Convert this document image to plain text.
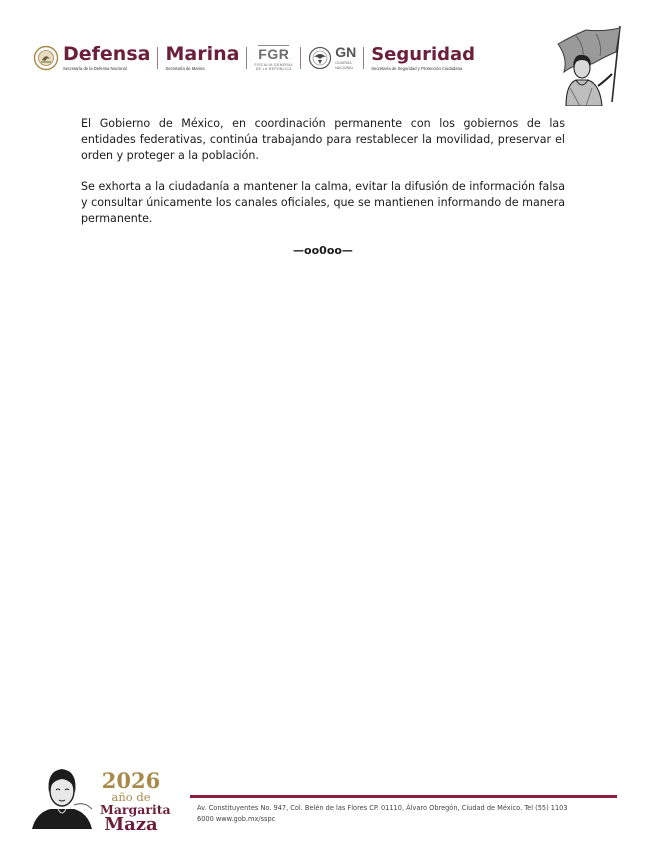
Defensa
Secretaría de la Defensa Nacional
Marina
Secretaría de Marina
FGR
FISCALÍA GENERAL
DE LA REPÚBLICA
GN
GUARDIA
NACIONAL
Seguridad
Secretaría de Seguridad y Protección Ciudadana

El Gobierno de México, en coordinación permanente con los gobiernos de las entidades federativas, continúa trabajando para restablecer la movilidad, preservar el orden y proteger a la población.

Se exhorta a la ciudadanía a mantener la calma, evitar la difusión de información falsa y consultar únicamente los canales oficiales, que se mantienen informando de manera permanente.

—oo0oo—
2026
año de
Margarita
Maza
Av. Constituyentes No. 947, Col. Belén de las Flores CP. 01110, Álvaro Obregón, Ciudad de México. Tel (55) 1103
6000 www.gob.mx/sspc
